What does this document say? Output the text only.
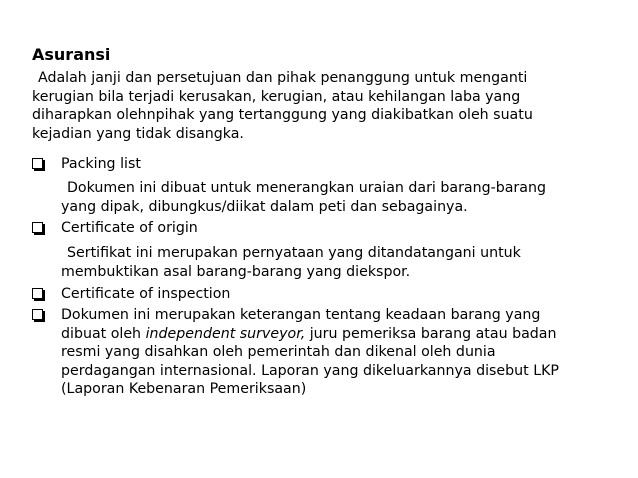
Asuransi
Adalah janji dan persetujuan dan pihak penanggung untuk menganti
kerugian bila terjadi kerusakan, kerugian, atau kehilangan laba yang
diharapkan olehnpihak yang tertanggung yang diakibatkan oleh suatu
kejadian yang tidak disangka.
Packing list
Dokumen ini dibuat untuk menerangkan uraian dari barang-barang
yang dipak, dibungkus/diikat dalam peti dan sebagainya.
Certificate of origin
Sertifikat ini merupakan pernyataan yang ditandatangani untuk
membuktikan asal barang-barang yang diekspor.
Certificate of inspection
Dokumen ini merupakan keterangan tentang keadaan barang yang
dibuat oleh independent surveyor, juru pemeriksa barang atau badan
resmi yang disahkan oleh pemerintah dan dikenal oleh dunia
perdagangan internasional. Laporan yang dikeluarkannya disebut LKP
(Laporan Kebenaran Pemeriksaan)
